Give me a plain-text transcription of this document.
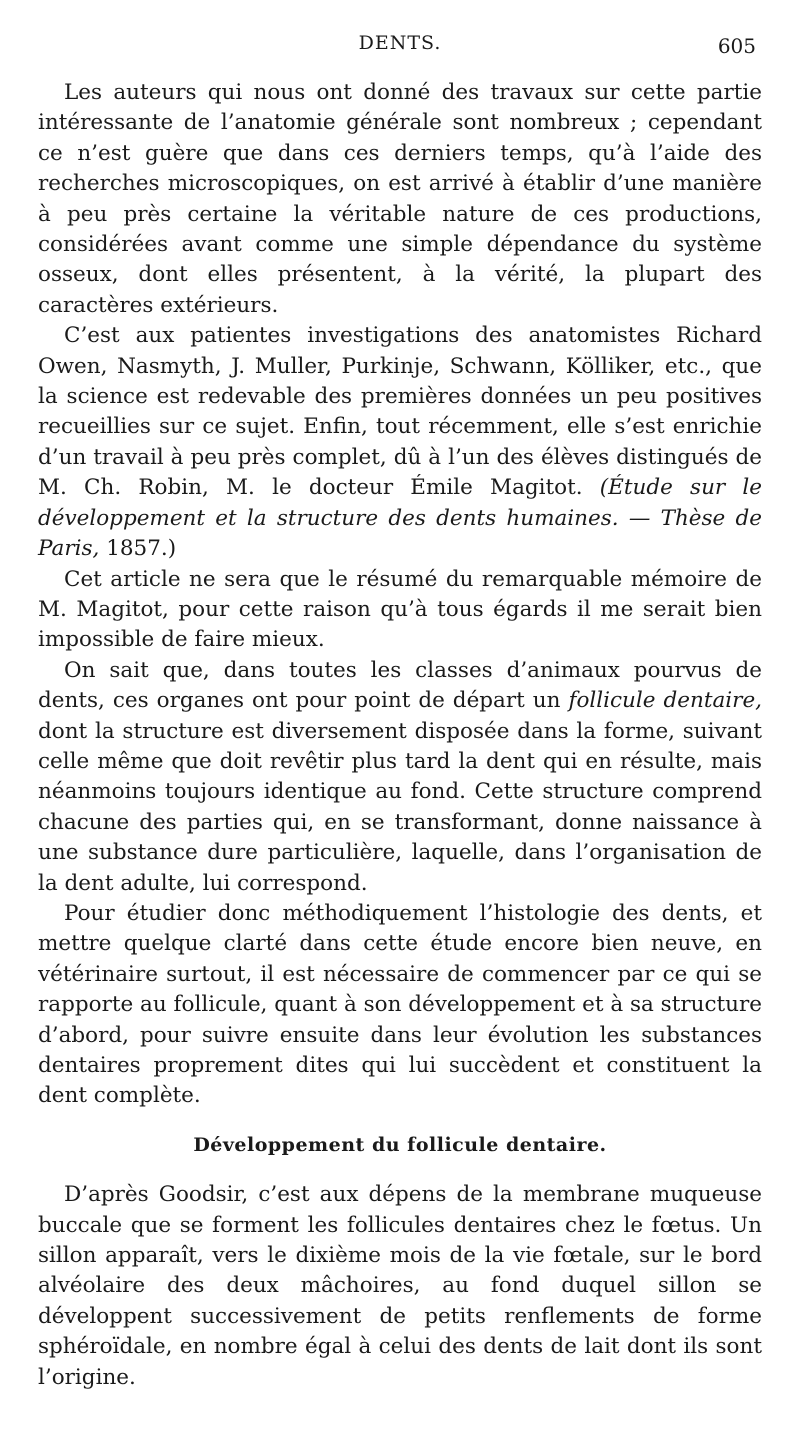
DENTS.	605

Les auteurs qui nous ont donné des travaux sur cette partie intéressante de l’anatomie générale sont nombreux ; cependant ce n’est guère que dans ces derniers temps, qu’à l’aide des recherches microscopiques, on est arrivé à établir d’une manière à peu près certaine la véritable nature de ces productions, considérées avant comme une simple dépendance du système osseux, dont elles présentent, à la vérité, la plupart des caractères extérieurs.

C’est aux patientes investigations des anatomistes Richard Owen, Nasmyth, J. Muller, Purkinje, Schwann, Kölliker, etc., que la science est redevable des premières données un peu positives recueillies sur ce sujet. Enfin, tout récemment, elle s’est enrichie d’un travail à peu près complet, dû à l’un des élèves distingués de M. Ch. Robin, M. le docteur Émile Magitot. (Étude sur le développement et la structure des dents humaines. — Thèse de Paris, 1857.)

Cet article ne sera que le résumé du remarquable mémoire de M. Magitot, pour cette raison qu’à tous égards il me serait bien impossible de faire mieux.

On sait que, dans toutes les classes d’animaux pourvus de dents, ces organes ont pour point de départ un follicule dentaire, dont la structure est diversement disposée dans la forme, suivant celle même que doit revêtir plus tard la dent qui en résulte, mais néanmoins toujours identique au fond. Cette structure comprend chacune des parties qui, en se transformant, donne naissance à une substance dure particulière, laquelle, dans l’organisation de la dent adulte, lui correspond.

Pour étudier donc méthodiquement l’histologie des dents, et mettre quelque clarté dans cette étude encore bien neuve, en vétérinaire surtout, il est nécessaire de commencer par ce qui se rapporte au follicule, quant à son développement et à sa structure d’abord, pour suivre ensuite dans leur évolution les substances dentaires proprement dites qui lui succèdent et constituent la dent complète.

Développement du follicule dentaire.

D’après Goodsir, c’est aux dépens de la membrane muqueuse buccale que se forment les follicules dentaires chez le fœtus. Un sillon apparaît, vers le dixième mois de la vie fœtale, sur le bord alvéolaire des deux mâchoires, au fond duquel sillon se développent successivement de petits renflements de forme sphéroïdale, en nombre égal à celui des dents de lait dont ils sont l’origine.
